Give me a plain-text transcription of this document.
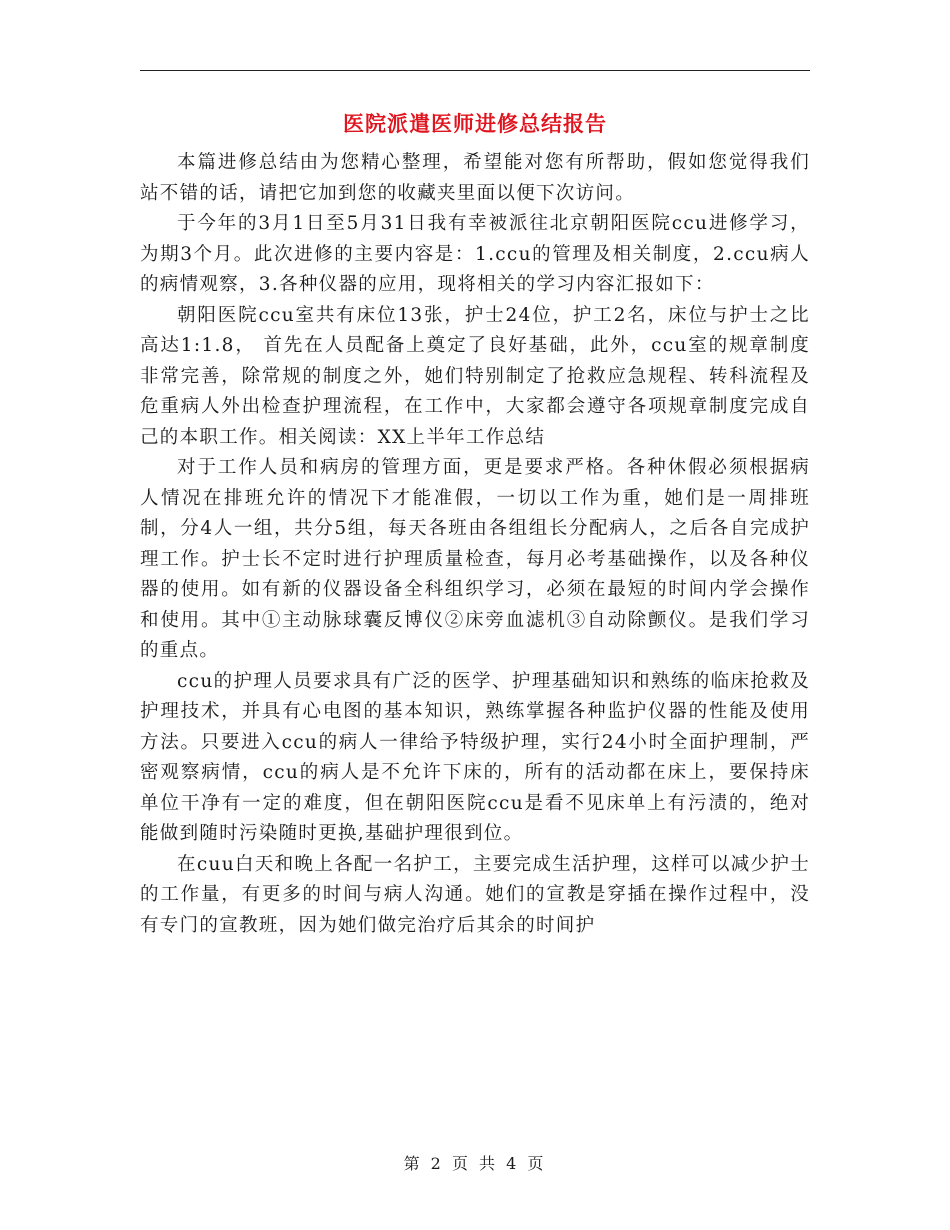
医院派遣医师进修总结报告

本篇进修总结由为您精心整理，希望能对您有所帮助，假如您觉得我们站不错的话，请把它加到您的收藏夹里面以便下次访问。

于今年的3月1日至5月31日我有幸被派往北京朝阳医院ccu进修学习，为期3个月。此次进修的主要内容是：1.ccu的管理及相关制度，2.ccu病人的病情观察，3.各种仪器的应用，现将相关的学习内容汇报如下：

朝阳医院ccu室共有床位13张，护士24位，护工2名，床位与护士之比高达1:1.8， 首先在人员配备上奠定了良好基础，此外，ccu室的规章制度非常完善，除常规的制度之外，她们特别制定了抢救应急规程、转科流程及危重病人外出检查护理流程，在工作中，大家都会遵守各项规章制度完成自己的本职工作。相关阅读：XX上半年工作总结

对于工作人员和病房的管理方面，更是要求严格。各种休假必须根据病人情况在排班允许的情况下才能准假，一切以工作为重，她们是一周排班制，分4人一组，共分5组，每天各班由各组组长分配病人，之后各自完成护理工作。护士长不定时进行护理质量检查，每月必考基础操作，以及各种仪器的使用。如有新的仪器设备全科组织学习，必须在最短的时间内学会操作和使用。其中①主动脉球囊反博仪②床旁血滤机③自动除颤仪。是我们学习的重点。

ccu的护理人员要求具有广泛的医学、护理基础知识和熟练的临床抢救及护理技术，并具有心电图的基本知识，熟练掌握各种监护仪器的性能及使用方法。只要进入ccu的病人一律给予特级护理，实行24小时全面护理制，严密观察病情，ccu的病人是不允许下床的，所有的活动都在床上，要保持床单位干净有一定的难度，但在朝阳医院ccu是看不见床单上有污渍的，绝对能做到随时污染随时更换,基础护理很到位。

在cuu白天和晚上各配一名护工，主要完成生活护理，这样可以减少护士的工作量，有更多的时间与病人沟通。她们的宣教是穿插在操作过程中，没有专门的宣教班，因为她们做完治疗后其余的时间护

第 2 页 共 4 页
